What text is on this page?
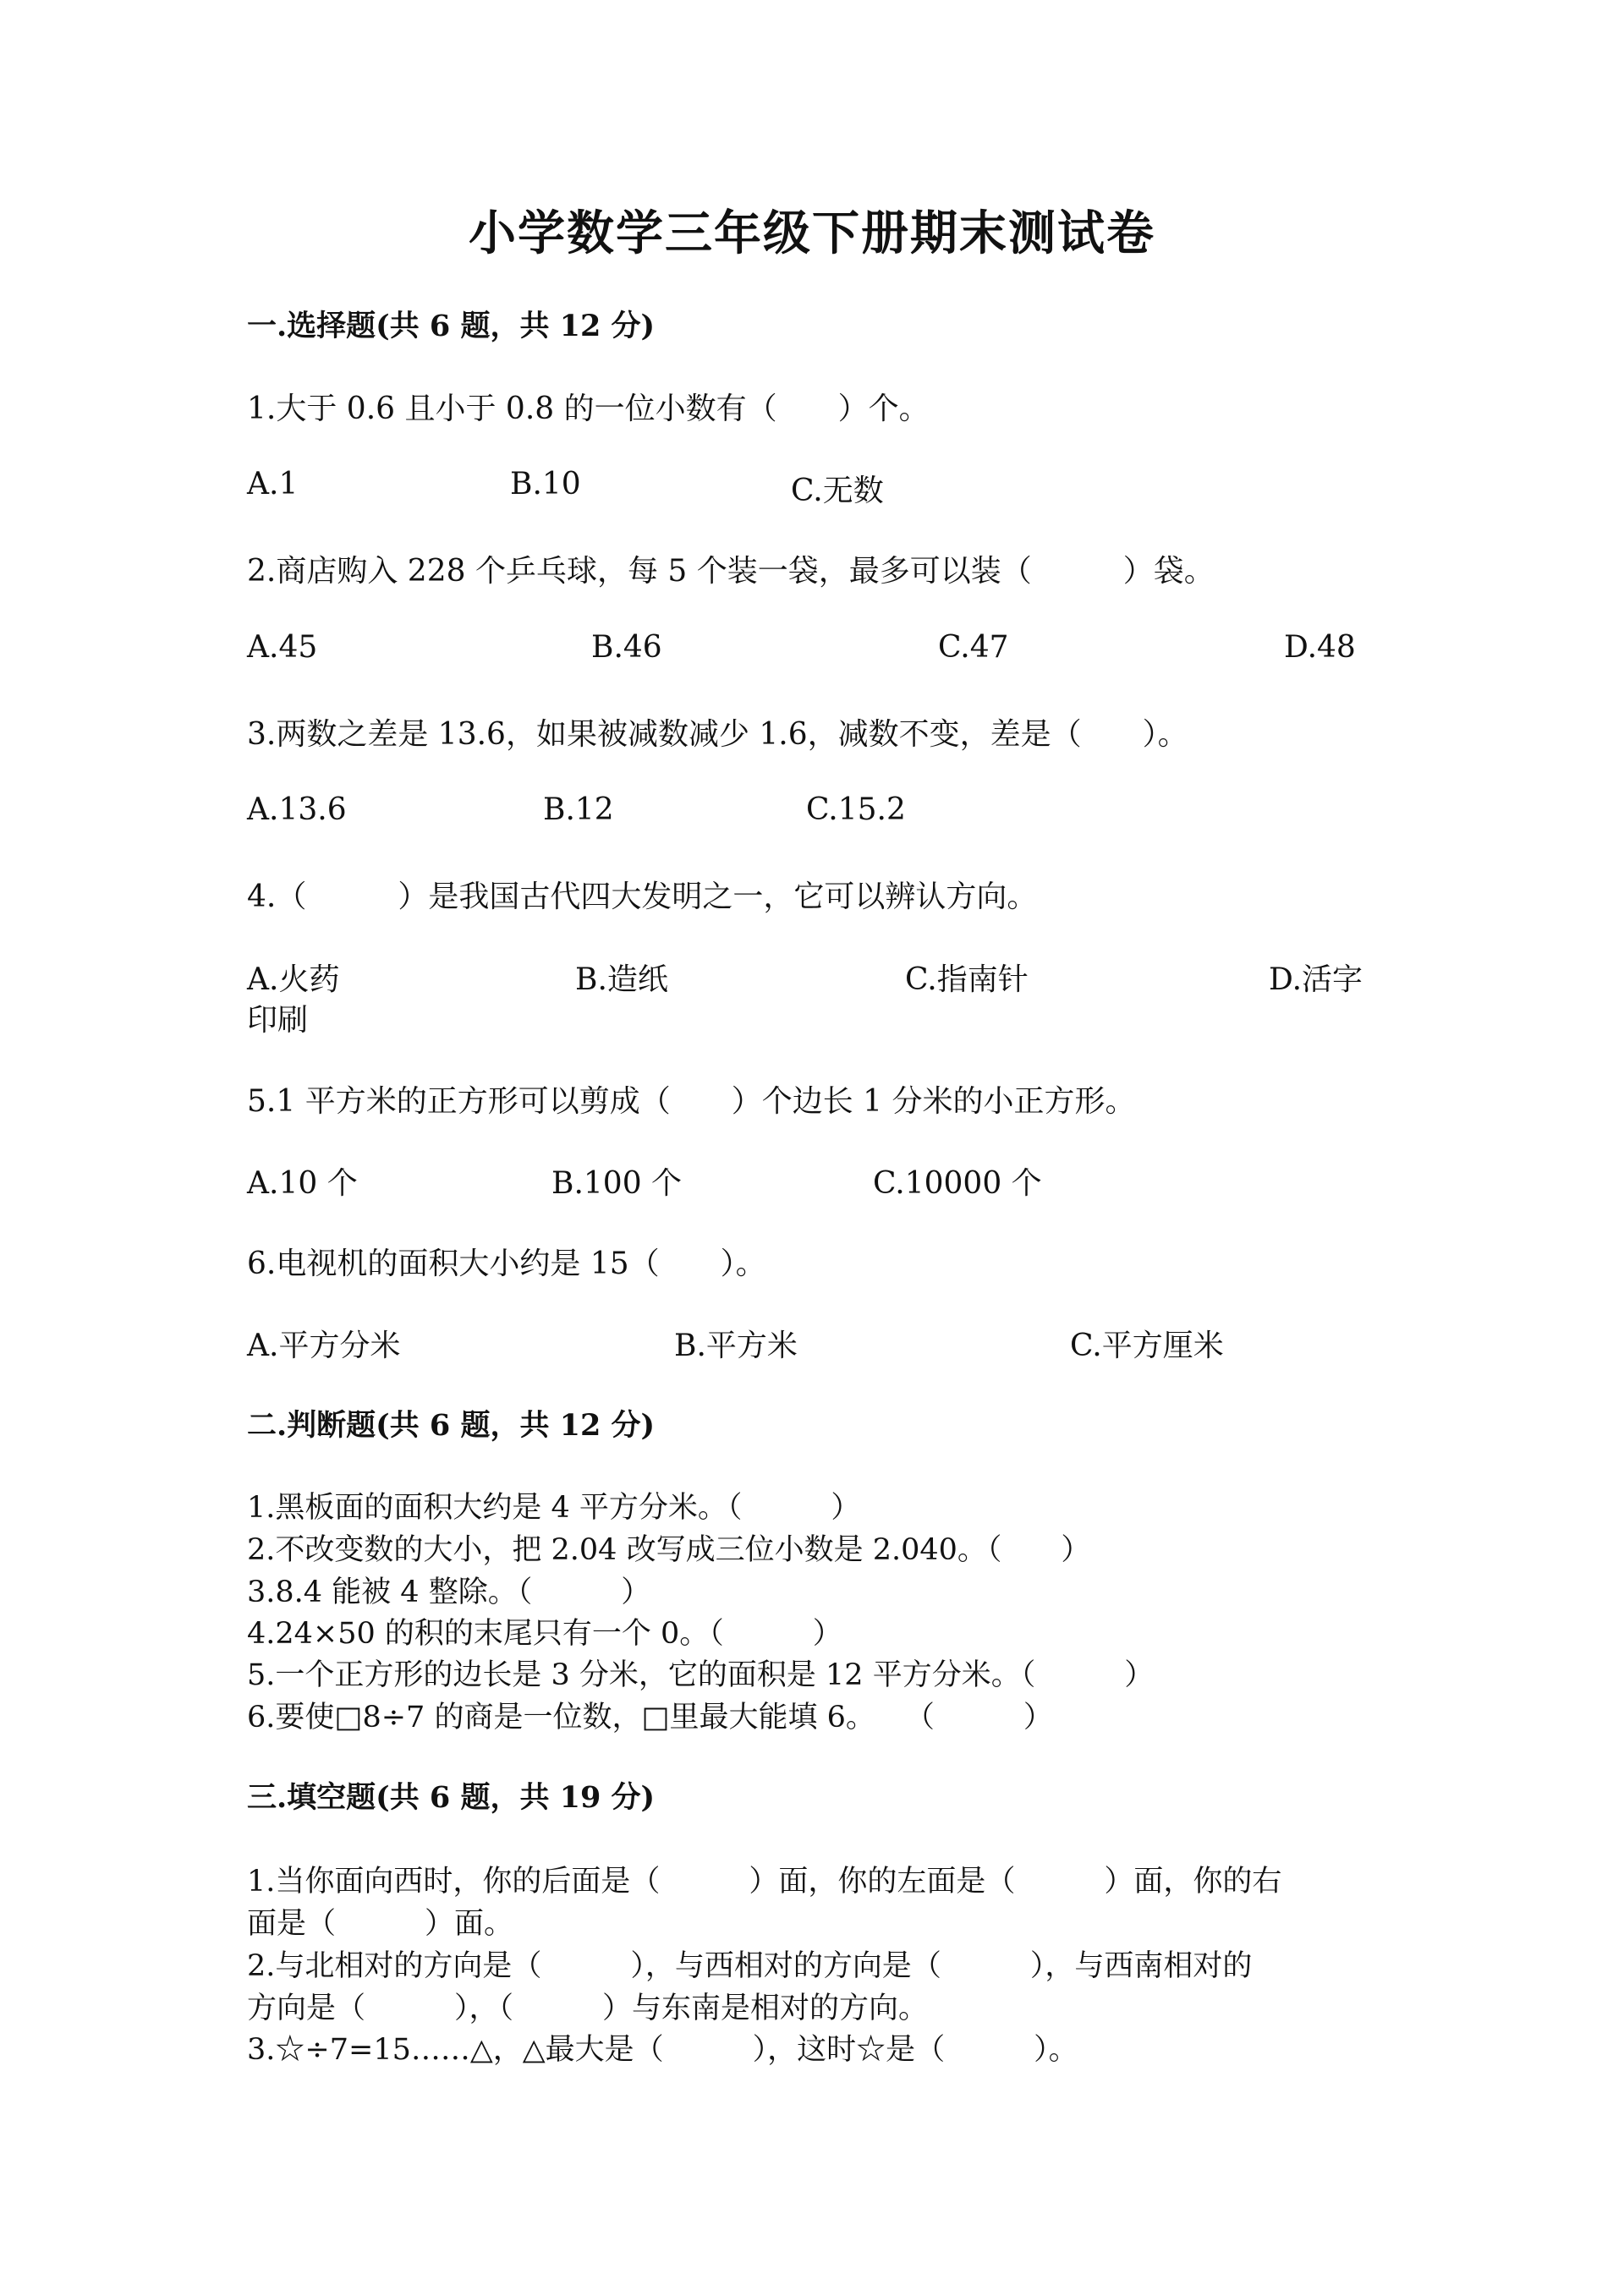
小学数学三年级下册期末测试卷
一.选择题(共 6 题，共 12 分)
1.大于 0.6 且小于 0.8 的一位小数有（　　）个。
A.1	B.10	C.无数
2.商店购入 228 个乒乓球，每 5 个装一袋，最多可以装（　　　）袋。
A.45	B.46	C.47	D.48
3.两数之差是 13.6，如果被减数减少 1.6，减数不变，差是（　　）。
A.13.6	B.12	C.15.2
4.（　　　）是我国古代四大发明之一，它可以辨认方向。
A.火药	B.造纸	C.指南针	D.活字
印刷
5.1 平方米的正方形可以剪成（　　）个边长 1 分米的小正方形。
A.10 个	B.100 个	C.10000 个
6.电视机的面积大小约是 15（　　）。
A.平方分米	B.平方米	C.平方厘米
二.判断题(共 6 题，共 12 分)
1.黑板面的面积大约是 4 平方分米。（　　　）
2.不改变数的大小，把 2.04 改写成三位小数是 2.040。（　　）
3.8.4 能被 4 整除。（　　　）
4.24×50 的积的末尾只有一个 0。（　　　）
5.一个正方形的边长是 3 分米，它的面积是 12 平方分米。（　　　）
6.要使□8÷7 的商是一位数，□里最大能填 6。　　（　　　）
三.填空题(共 6 题，共 19 分)
1.当你面向西时，你的后面是（　　　）面，你的左面是（　　　）面，你的右
面是（　　　）面。
2.与北相对的方向是（　　　），与西相对的方向是（　　　），与西南相对的
方向是（　　　），（　　　）与东南是相对的方向。
3.☆÷7=15……△，△最大是（　　　），这时☆是（　　　）。
